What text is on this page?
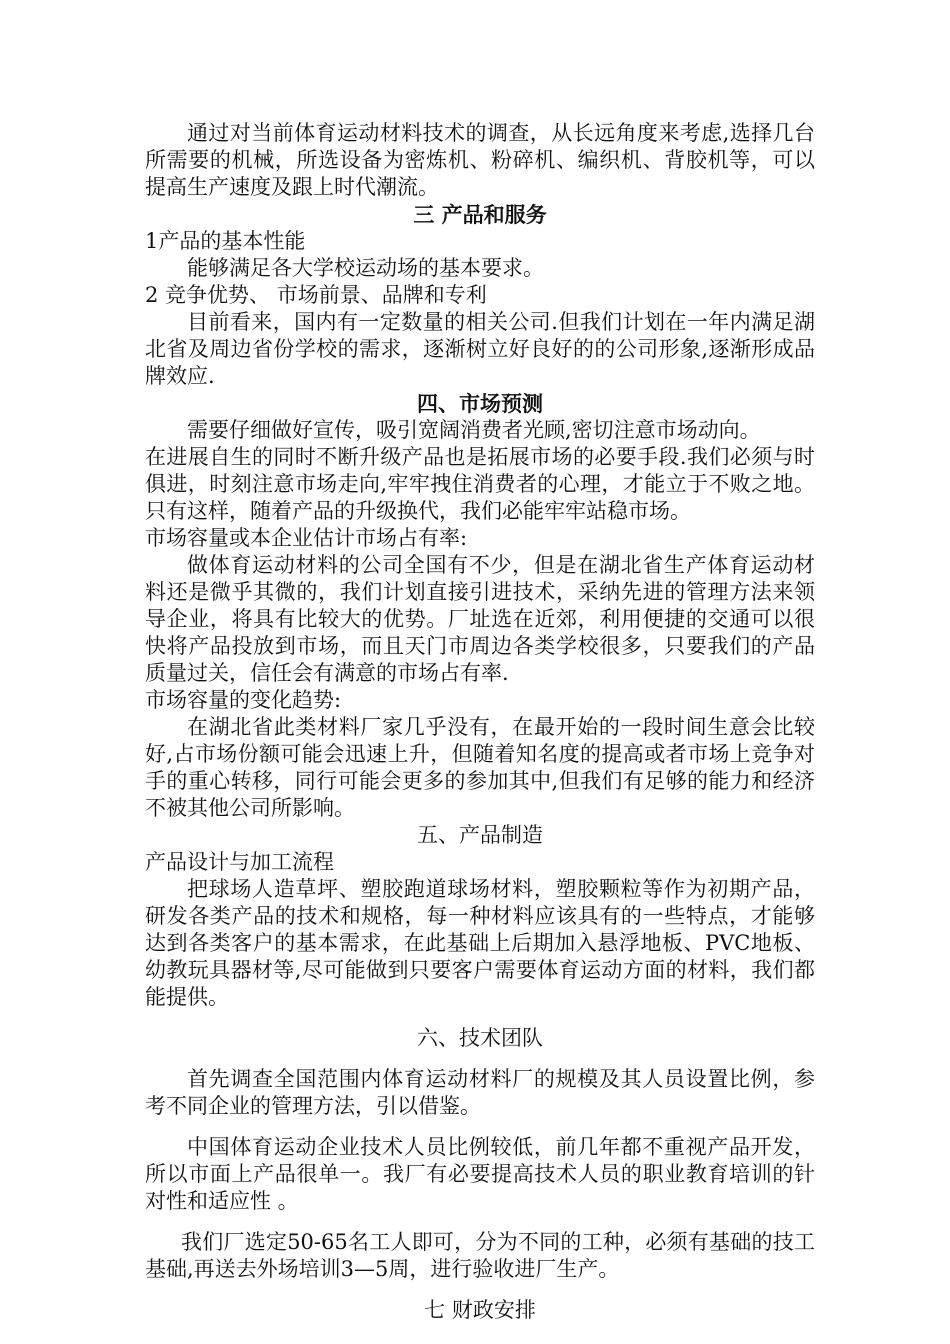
通过对当前体育运动材料技术的调查，从长远角度来考虑,选择几台所需要的机械，所选设备为密炼机、粉碎机、编织机、背胶机等，可以提高生产速度及跟上时代潮流。

三 产品和服务

1产品的基本性能

能够满足各大学校运动场的基本要求。

2 竞争优势、 市场前景、品牌和专利

目前看来，国内有一定数量的相关公司.但我们计划在一年内满足湖北省及周边省份学校的需求，逐渐树立好良好的的公司形象,逐渐形成品牌效应.

四、市场预测

需要仔细做好宣传，吸引宽阔消费者光顾,密切注意市场动向。

在进展自生的同时不断升级产品也是拓展市场的必要手段.我们必须与时俱进，时刻注意市场走向,牢牢拽住消费者的心理，才能立于不败之地。只有这样，随着产品的升级换代，我们必能牢牢站稳市场。

市场容量或本企业估计市场占有率:

做体育运动材料的公司全国有不少，但是在湖北省生产体育运动材料还是微乎其微的，我们计划直接引进技术，采纳先进的管理方法来领导企业，将具有比较大的优势。厂址选在近郊，利用便捷的交通可以很快将产品投放到市场，而且天门市周边各类学校很多，只要我们的产品质量过关，信任会有满意的市场占有率.

市场容量的变化趋势:

在湖北省此类材料厂家几乎没有，在最开始的一段时间生意会比较好,占市场份额可能会迅速上升，但随着知名度的提高或者市场上竞争对手的重心转移，同行可能会更多的参加其中,但我们有足够的能力和经济不被其他公司所影响。

五、产品制造

产品设计与加工流程

把球场人造草坪、塑胶跑道球场材料，塑胶颗粒等作为初期产品，研发各类产品的技术和规格，每一种材料应该具有的一些特点，才能够达到各类客户的基本需求，在此基础上后期加入悬浮地板、PVC地板、幼教玩具器材等,尽可能做到只要客户需要体育运动方面的材料，我们都能提供。

六、技术团队

首先调查全国范围内体育运动材料厂的规模及其人员设置比例，参考不同企业的管理方法，引以借鉴。

中国体育运动企业技术人员比例较低，前几年都不重视产品开发，所以市面上产品很单一。我厂有必要提高技术人员的职业教育培训的针对性和适应性 。

我们厂选定50-65名工人即可，分为不同的工种，必须有基础的技工基础,再送去外场培训3—5周，进行验收进厂生产。

七 财政安排
